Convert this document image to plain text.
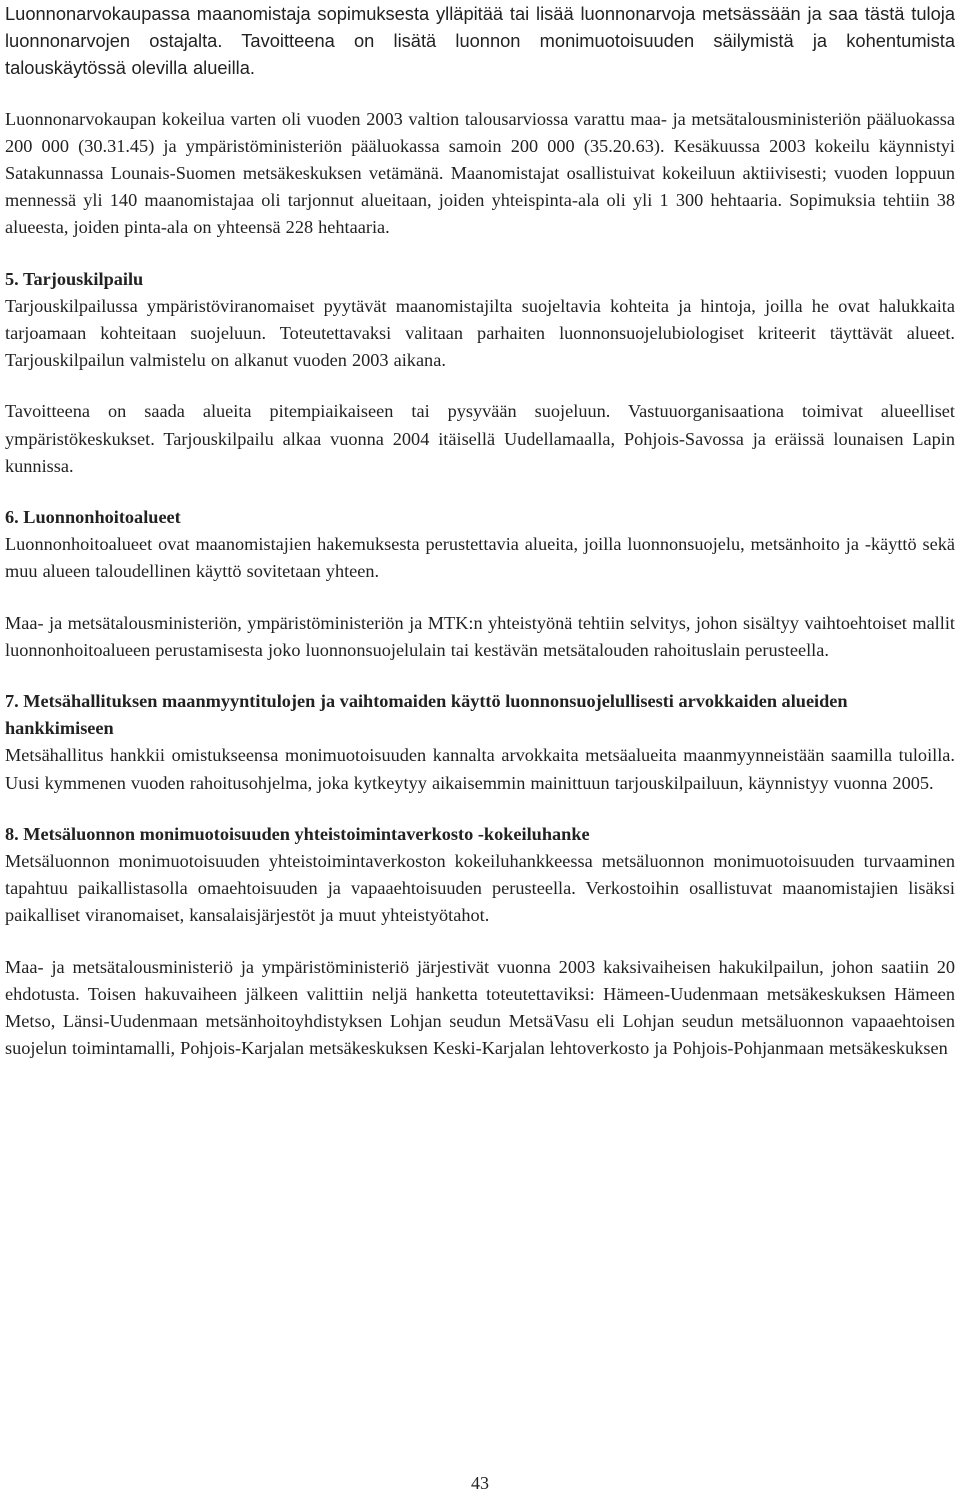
Luonnonarvokaupassa maanomistaja sopimuksesta ylläpitää tai lisää luonnonarvoja metsässään ja saa tästä tuloja luonnonarvojen ostajalta. Tavoitteena on lisätä luonnon monimuotoisuuden säilymistä ja kohentumista talouskäytössä olevilla alueilla.

Luonnonarvokaupan kokeilua varten oli vuoden 2003 valtion talousarviossa varattu maa- ja metsätalousministeriön pääluokassa 200 000 (30.31.45) ja ympäristöministeriön pääluokassa samoin 200 000 (35.20.63). Kesäkuussa 2003 kokeilu käynnistyi Satakunnassa Lounais-Suomen metsäkeskuksen vetämänä. Maanomistajat osallistuivat kokeiluun aktiivisesti; vuoden loppuun mennessä yli 140 maanomistajaa oli tarjonnut alueitaan, joiden yhteispinta-ala oli yli 1 300 hehtaaria. Sopimuksia tehtiin 38 alueesta, joiden pinta-ala on yhteensä 228 hehtaaria.

5. Tarjouskilpailu

Tarjouskilpailussa ympäristöviranomaiset pyytävät maanomistajilta suojeltavia kohteita ja hintoja, joilla he ovat halukkaita tarjoamaan kohteitaan suojeluun. Toteutettavaksi valitaan parhaiten luonnonsuojelubiologiset kriteerit täyttävät alueet. Tarjouskilpailun valmistelu on alkanut vuoden 2003 aikana.

Tavoitteena on saada alueita pitempiaikaiseen tai pysyvään suojeluun. Vastuuorganisaationa toimivat alueelliset ympäristökeskukset. Tarjouskilpailu alkaa vuonna 2004 itäisellä Uudellamaalla, Pohjois-Savossa ja eräissä lounaisen Lapin kunnissa.

6. Luonnonhoitoalueet

Luonnonhoitoalueet ovat maanomistajien hakemuksesta perustettavia alueita, joilla luonnonsuojelu, metsänhoito ja -käyttö sekä muu alueen taloudellinen käyttö sovitetaan yhteen.

Maa- ja metsätalousministeriön, ympäristöministeriön ja MTK:n yhteistyönä tehtiin selvitys, johon sisältyy vaihtoehtoiset mallit luonnonhoitoalueen perustamisesta joko luonnonsuojelulain tai kestävän metsätalouden rahoituslain perusteella.

7. Metsähallituksen maanmyyntitulojen ja vaihtomaiden käyttö luonnonsuojelullisesti arvokkaiden alueiden hankkimiseen

Metsähallitus hankkii omistukseensa monimuotoisuuden kannalta arvokkaita metsäalueita maanmyynneistään saamilla tuloilla. Uusi kymmenen vuoden rahoitusohjelma, joka kytkeytyy aikaisemmin mainittuun tarjouskilpailuun, käynnistyy vuonna 2005.

8. Metsäluonnon monimuotoisuuden yhteistoimintaverkosto -kokeiluhanke

Metsäluonnon monimuotoisuuden yhteistoimintaverkoston kokeiluhankkeessa metsäluonnon monimuotoisuuden turvaaminen tapahtuu paikallistasolla omaehtoisuuden ja vapaaehtoisuuden perusteella. Verkostoihin osallistuvat maanomistajien lisäksi paikalliset viranomaiset, kansalaisjärjestöt ja muut yhteistyötahot.

Maa- ja metsätalousministeriö ja ympäristöministeriö järjestivät vuonna 2003 kaksivaiheisen hakukilpailun, johon saatiin 20 ehdotusta. Toisen hakuvaiheen jälkeen valittiin neljä hanketta toteutettaviksi: Hämeen-Uudenmaan metsäkeskuksen Hämeen Metso, Länsi-Uudenmaan metsänhoitoyhdistyksen Lohjan seudun MetsäVasu eli Lohjan seudun metsäluonnon vapaaehtoisen suojelun toimintamalli, Pohjois-Karjalan metsäkeskuksen Keski-Karjalan lehtoverkosto ja Pohjois-Pohjanmaan metsäkeskuksen

43
